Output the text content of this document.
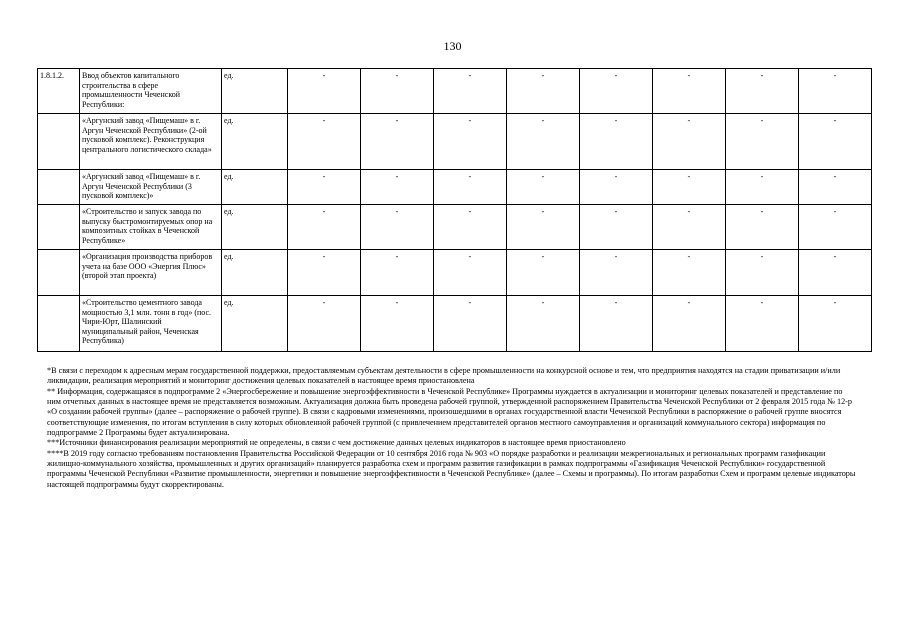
130
1.8.1.2.	Ввод объектов капитального строительства в сфере промышленности Чеченской Республики:	ед.	-	-	-	-	-	-	-	-
	«Аргунский завод «Пищемаш» в г. Аргун Чеченской Республики» (2-ой пусковой комплекс). Реконструкция центрального логистического склада»	ед.	-	-	-	-	-	-	-	-
	«Аргунский завод «Пищемаш» в г. Аргун Чеченской Республики (3 пусковой комплекс)»	ед.	-	-	-	-	-	-	-	-
	«Строительство и запуск завода по выпуску быстромонтируемых опор на композитных стойках в Чеченской Республике»	ед.	-	-	-	-	-	-	-	-
	«Организация производства приборов учета на базе ООО «Энергия Плюс» (второй этап проекта)	ед.	-	-	-	-	-	-	-	-
	«Строительство цементного завода мощностью 3,1 млн. тонн в год» (пос. Чири-Юрт, Шалинский муниципальный район, Чеченская Республика)	ед.	-	-	-	-	-	-	-	-

*В связи с переходом к адресным мерам государственной поддержки, предоставляемым субъектам деятельности в сфере промышленности на конкурсной основе и тем, что предприятия находятся на стадии приватизации и/или ликвидации, реализация мероприятий и мониторинг достижения целевых показателей в настоящее время приостановлена

** Информация, содержащаяся в подпрограмме 2 «Энергосбережение и повышение энергоэффективности в Чеченской Республике» Программы нуждается в актуализации и мониторинг целевых показателей и представление по ним отчетных данных в настоящее время не представляется возможным. Актуализация должна быть проведена рабочей группой, утвержденной распоряжением Правительства Чеченской Республики от 2 февраля 2015 года № 12-р «О создании рабочей группы» (далее – распоряжение о рабочей группе). В связи с кадровыми изменениями, произошедшими в органах государственной власти Чеченской Республики в распоряжение о рабочей группе вносятся соответствующие изменения, по итогам вступления в силу которых обновленной рабочей группой (с привлечением представителей органов местного самоуправления и организаций коммунального сектора) информация по подпрограмме 2 Программы будет актуализирована.

***Источники финансирования реализации мероприятий не определены, в связи с чем достижение данных целевых индикаторов в настоящее время приостановлено

****В 2019 году согласно требованиям постановления Правительства Российской Федерации от 10 сентября 2016 года № 903 «О порядке разработки и реализации межрегиональных и региональных программ газификации жилищно-коммунального хозяйства, промышленных и других организаций» планируется разработка схем и программ развития газификации в рамках подпрограммы «Газификация Чеченской Республики» государственной программы Чеченской Республики «Развитие промышленности, энергетики и повышение энергоэффективности в Чеченской Республике» (далее – Схемы и программы). По итогам разработки Схем и программ целевые индикаторы настоящей подпрограммы будут скорректированы.
